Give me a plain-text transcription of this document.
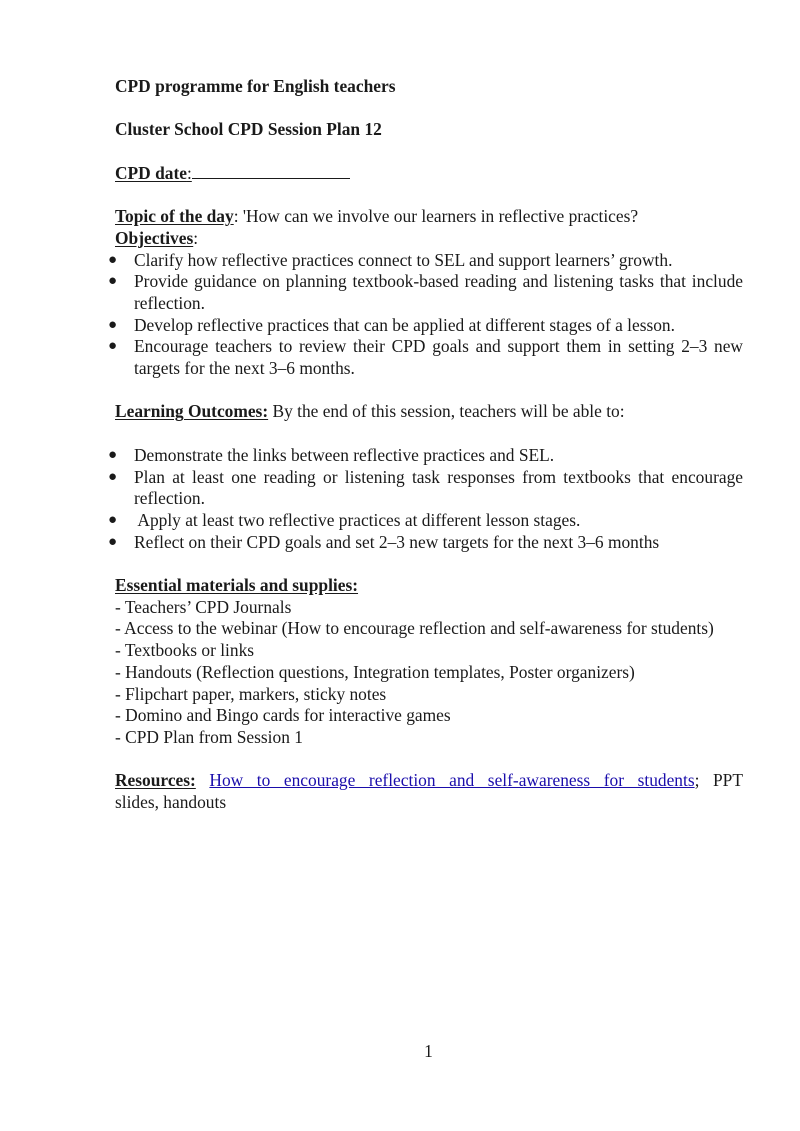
CPD programme for English teachers
Cluster School CPD Session Plan 12
CPD date:
Topic of the day: 'How can we involve our learners in reflective practices?
Objectives:
● Clarify how reflective practices connect to SEL and support learners’ growth.
● Provide guidance on planning textbook-based reading and listening tasks that include reflection.
● Develop reflective practices that can be applied at different stages of a lesson.
● Encourage teachers to review their CPD goals and support them in setting 2–3 new targets for the next 3–6 months.
Learning Outcomes: By the end of this session, teachers will be able to:
● Demonstrate the links between reflective practices and SEL.
● Plan at least one reading or listening task responses from textbooks that encourage reflection.
● Apply at least two reflective practices at different lesson stages.
● Reflect on their CPD goals and set 2–3 new targets for the next 3–6 months
Essential materials and supplies:
- Teachers’ CPD Journals
- Access to the webinar (How to encourage reflection and self-awareness for students)
- Textbooks or links
- Handouts (Reflection questions, Integration templates, Poster organizers)
- Flipchart paper, markers, sticky notes
- Domino and Bingo cards for interactive games
- CPD Plan from Session 1
Resources: How to encourage reflection and self-awareness for students; PPT
slides, handouts
1
